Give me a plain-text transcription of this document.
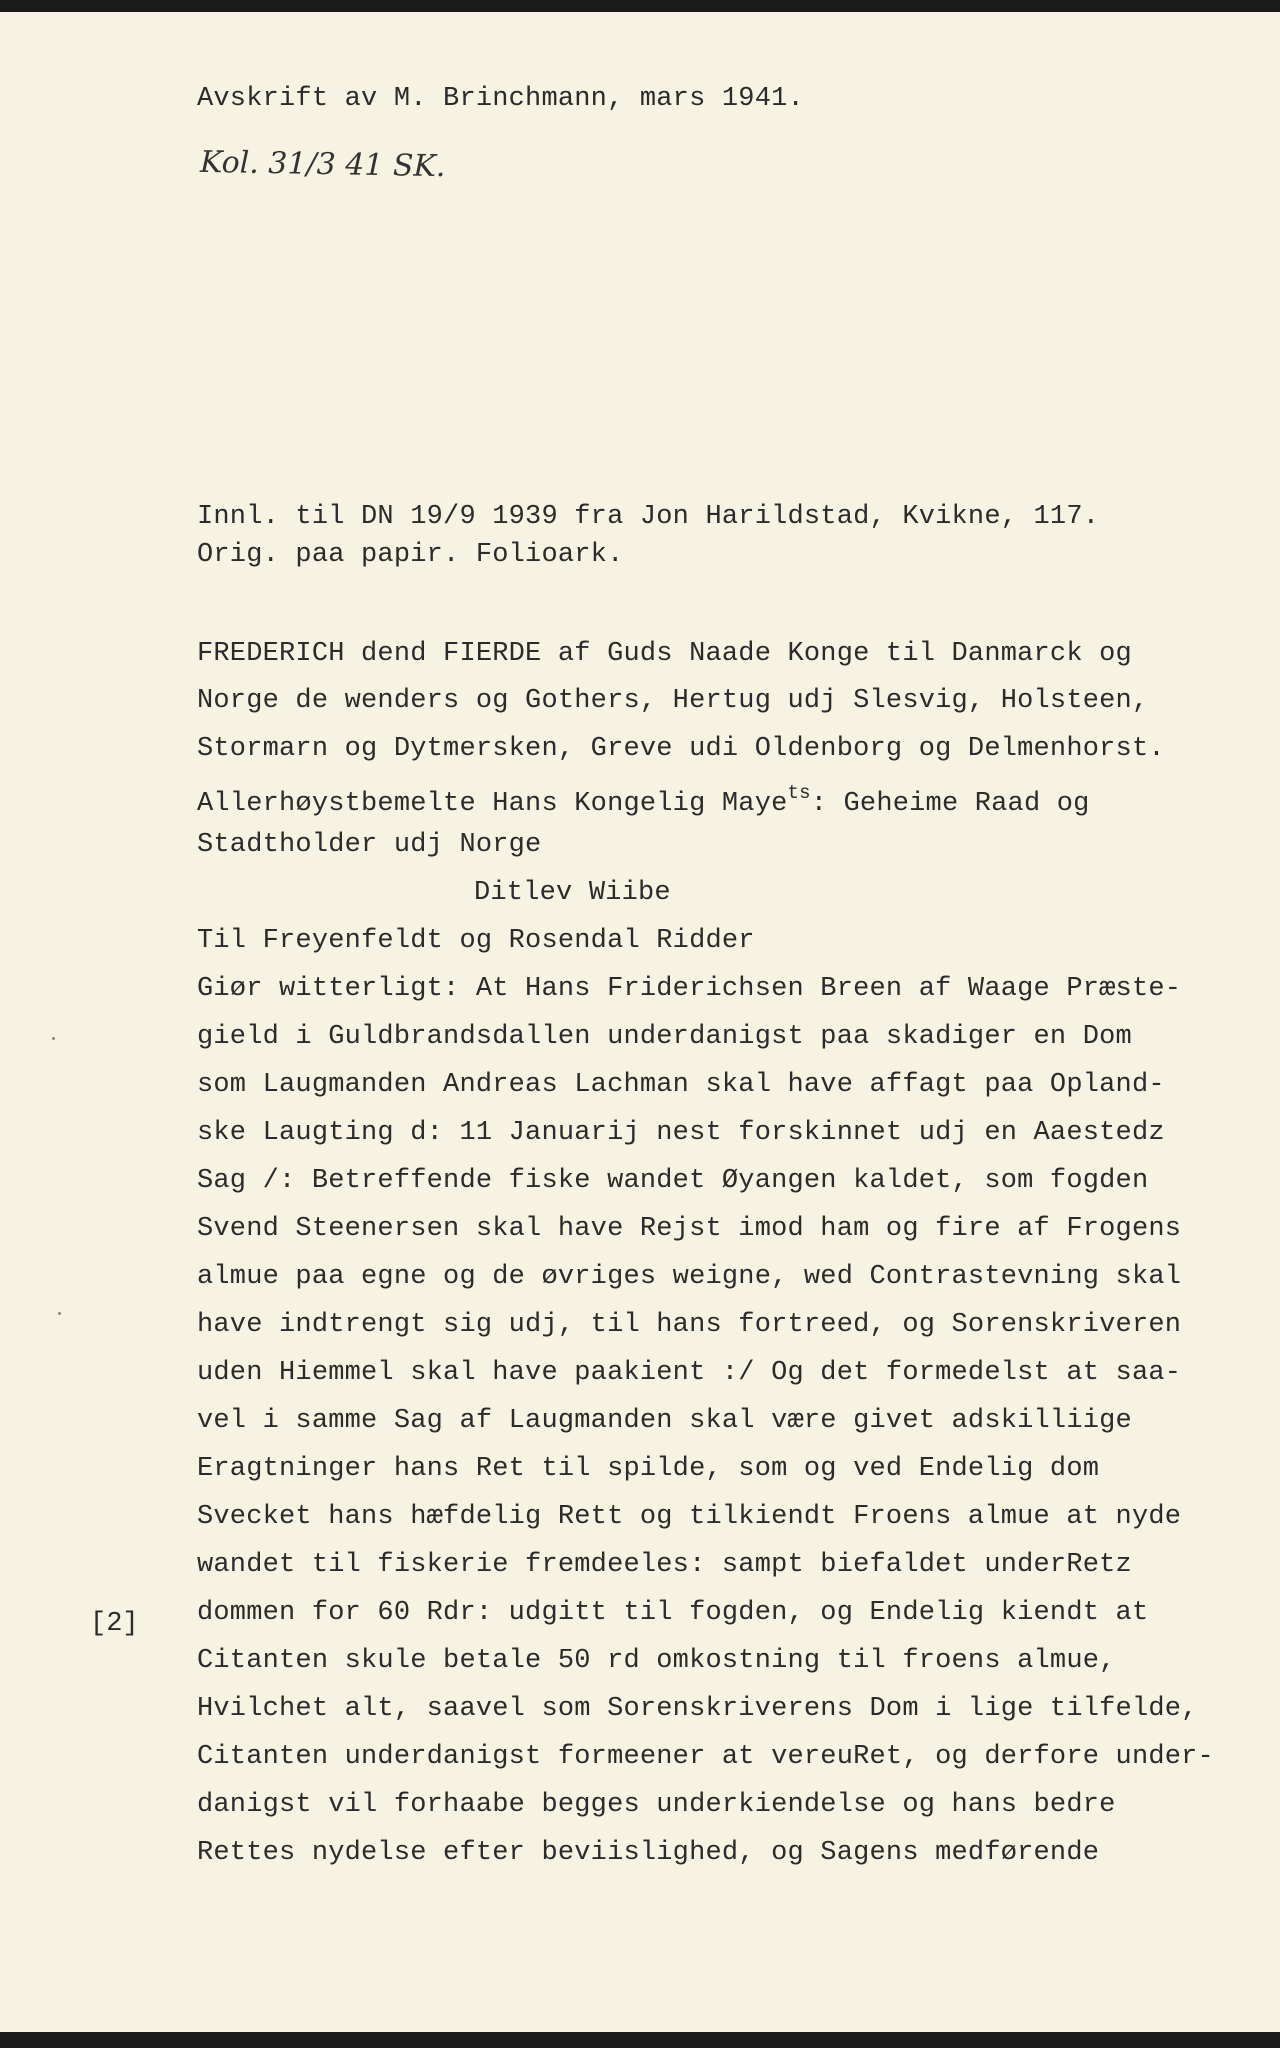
Avskrift av M. Brinchmann, mars 1941.
Kol. 31/3 41 SK.
Innl. til DN 19/9 1939 fra Jon Harildstad, Kvikne, 117.
Orig. paa papir. Folioark.
FREDERICH dend FIERDE af Guds Naade Konge til Danmarck og
Norge de wenders og Gothers, Hertug udj Slesvig, Holsteen,
Stormarn og Dytmersken, Greve udi Oldenborg og Delmenhorst.
Allerhøystbemelte Hans Kongelig Maye$^{ts}$: Geheime Raad og
Stadtholder udj Norge
Ditlev Wiibe
Til Freyenfeldt og Rosendal Ridder
Giør witterligt: At Hans Friderichsen Breen af Waage Præste-
gield i Guldbrandsdallen underdanigst paa skadiger en Dom
som Laugmanden Andreas Lachman skal have affagt paa Opland-
ske Laugting d: 11 Januarij nest forskinnet udj en Aaestedz
Sag /: Betreffende fiske wandet Øyangen kaldet, som fogden
Svend Steenersen skal have Rejst imod ham og fire af Frogens
almue paa egne og de øvriges weigne, wed Contrastevning skal
have indtrengt sig udj, til hans fortreed, og Sorenskriveren
uden Hiemmel skal have paakient :/ Og det formedelst at saa-
vel i samme Sag af Laugmanden skal være givet adskilliige
Eragtninger hans Ret til spilde, som og ved Endelig dom
Svecket hans hæfdelig Rett og tilkiendt Froens almue at nyde
wandet til fiskerie fremdeeles: sampt biefaldet underRetz
dommen for 60 Rdr: udgitt til fogden, og Endelig kiendt at
Citanten skule betale 50 rd omkostning til froens almue,
Hvilchet alt, saavel som Sorenskriverens Dom i lige tilfelde,
Citanten underdanigst formeener at vereuRet, og derfore under-
danigst vil forhaabe begges underkiendelse og hans bedre
Rettes nydelse efter beviislighed, og Sagens medførende
[2]
